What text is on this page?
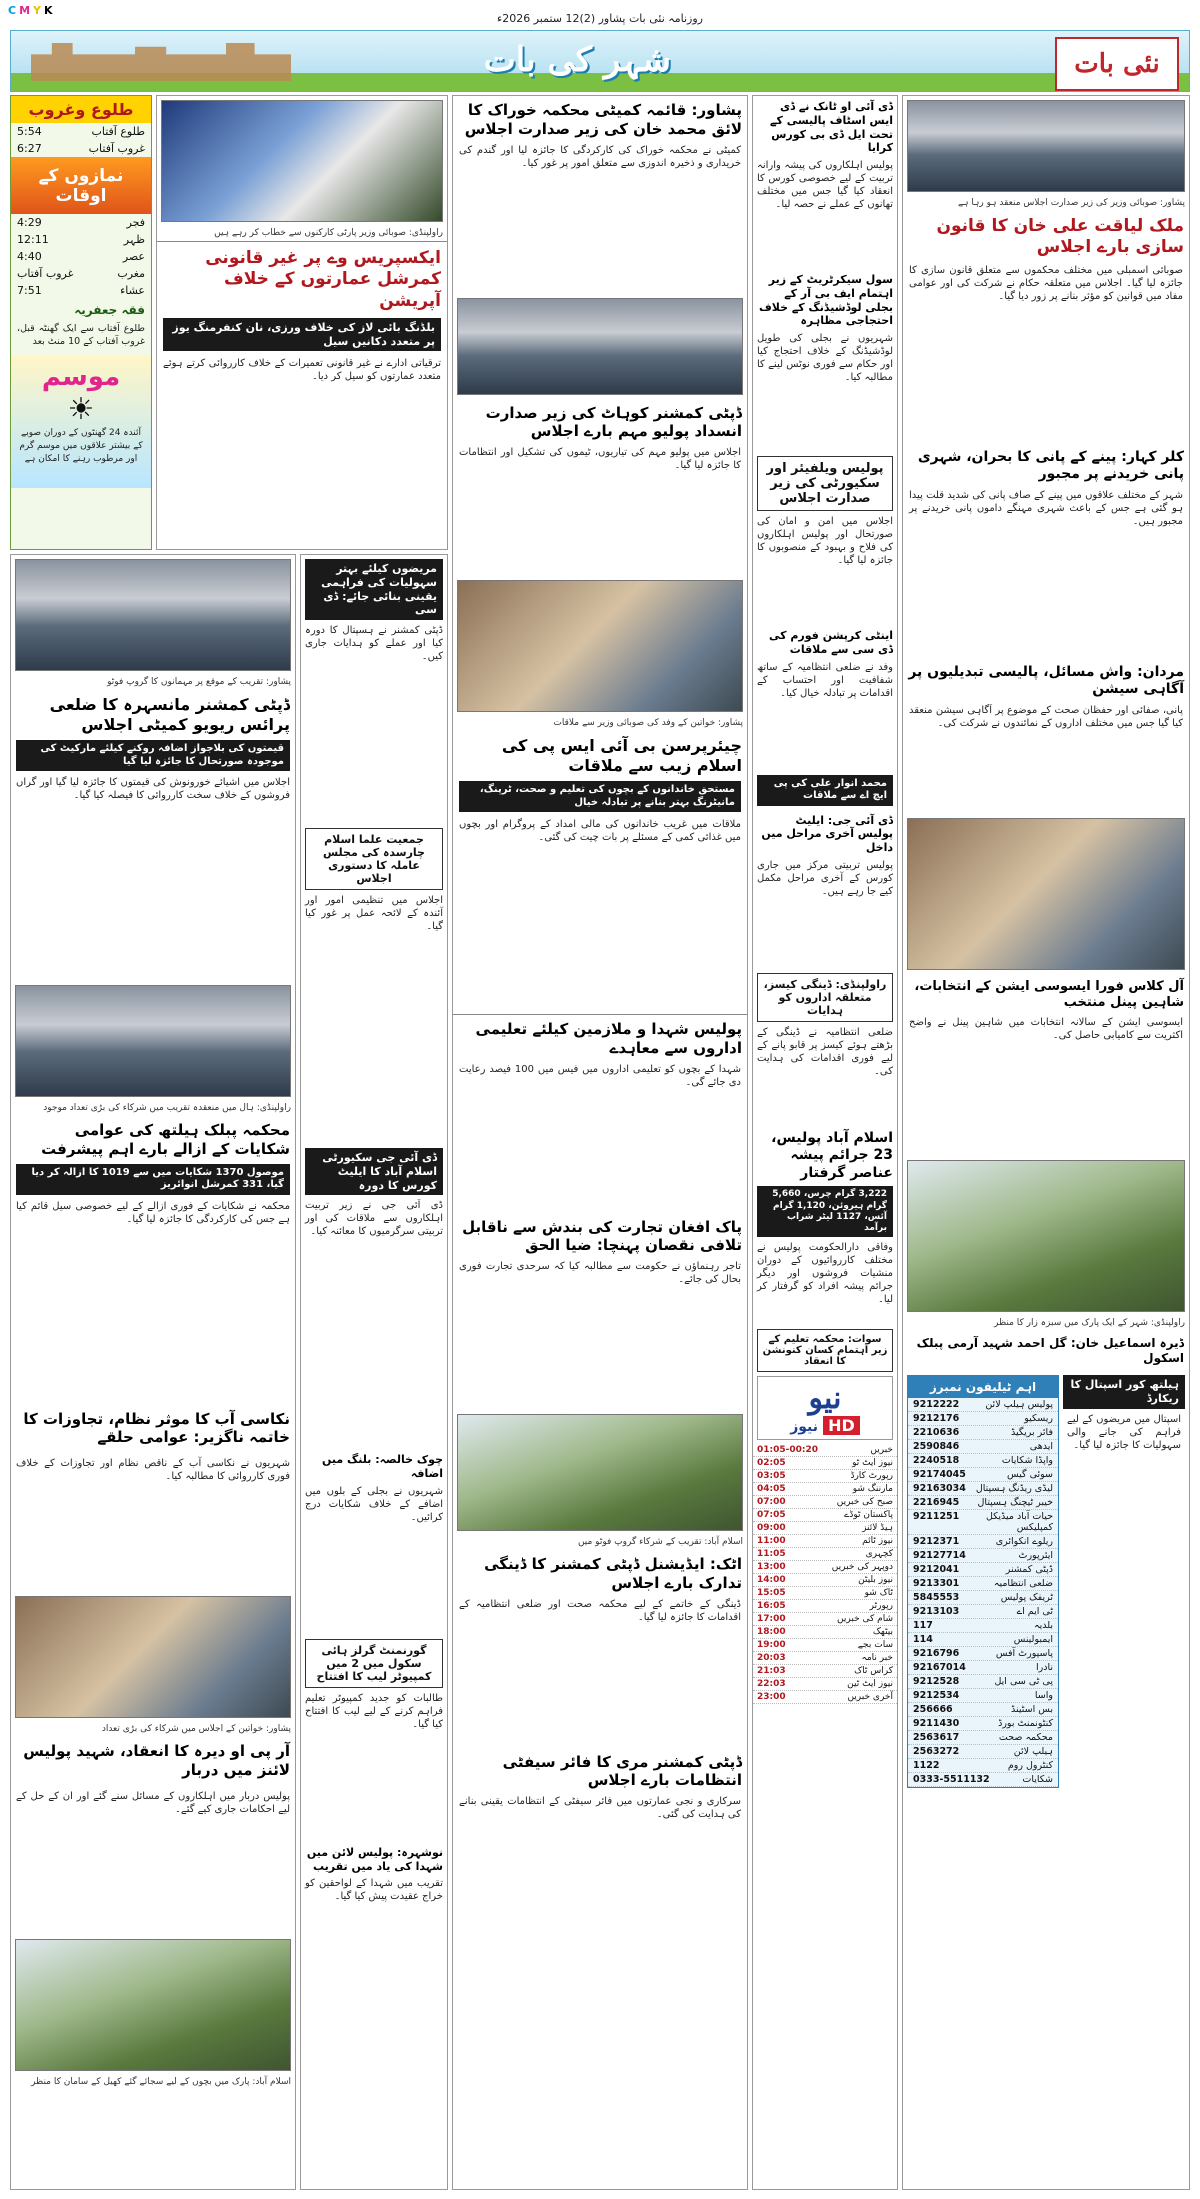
C M Y K
روزنامہ نئی بات پشاور (2)12 ستمبر 2026ء
شہر کی بات	نئی بات
طلوع وغروب
طلوع آفتاب
5:54
غروب آفتاب
6:27
نمازوں کے اوقات
فجر
4:29
ظہر
12:11
عصر
4:40
مغرب
غروب آفتاب
عشاء
7:51
فقہ جعفریہ
طلوع آفتاب سے ایک گھنٹہ قبل، غروب آفتاب کے 10 منٹ بعد
موسم
☀
آئندہ 24 گھنٹوں کے دوران صوبے کے بیشتر علاقوں میں موسم گرم اور مرطوب رہنے کا امکان ہے
راولپنڈی: صوبائی وزیر پارٹی کارکنوں سے خطاب کر رہے ہیں
ایکسپریس وے پر غیر قانونی کمرشل عمارتوں کے خلاف آپریشن
بلڈنگ بائی لاز کی خلاف ورزی، نان کنفرمنگ یوز پر متعدد دکانیں سیل
ترقیاتی ادارے نے غیر قانونی تعمیرات کے خلاف کارروائی کرتے ہوئے متعدد عمارتوں کو سیل کر دیا۔
پشاور: قائمہ کمیٹی محکمہ خوراک کا لائق محمد خان کی زیر صدارت اجلاس
کمیٹی نے محکمہ خوراک کی کارکردگی کا جائزہ لیا اور گندم کی خریداری و ذخیرہ اندوزی سے متعلق امور پر غور کیا۔
ڈپٹی کمشنر کوہاٹ کی زیر صدارت انسداد پولیو مہم بارے اجلاس
اجلاس میں پولیو مہم کی تیاریوں، ٹیموں کی تشکیل اور انتظامات کا جائزہ لیا گیا۔
پشاور: خواتین کے وفد کی صوبائی وزیر سے ملاقات
چیئرپرسن بی آئی ایس پی کی اسلام زیب سے ملاقات
مستحق خاندانوں کے بچوں کی تعلیم و صحت، ٹرپنگ، مانیٹرنگ بہتر بنانے پر تبادلہ خیال
ملاقات میں غریب خاندانوں کی مالی امداد کے پروگرام اور بچوں میں غذائی کمی کے مسئلے پر بات چیت کی گئی۔
پولیس شہدا و ملازمین کیلئے تعلیمی اداروں سے معاہدے
شہدا کے بچوں کو تعلیمی اداروں میں فیس میں 100 فیصد رعایت دی جائے گی۔
پاک افغان تجارت کی بندش سے ناقابل تلافی نقصان پہنچا: ضیا الحق
تاجر رہنماؤں نے حکومت سے مطالبہ کیا کہ سرحدی تجارت فوری بحال کی جائے۔
اسلام آباد: تقریب کے شرکاء گروپ فوٹو میں
اٹک: ایڈیشنل ڈپٹی کمشنر کا ڈینگی تدارک بارے اجلاس
ڈینگی کے خاتمے کے لیے محکمہ صحت اور ضلعی انتظامیہ کے اقدامات کا جائزہ لیا گیا۔
ڈپٹی کمشنر مری کا فائر سیفٹی انتظامات بارے اجلاس
سرکاری و نجی عمارتوں میں فائر سیفٹی کے انتظامات یقینی بنانے کی ہدایت کی گئی۔
ڈی آئی او ٹانک نے ڈی ایس اسٹاف پالیسی کے تحت ایل ڈی بی کورس کرایا
پولیس اہلکاروں کی پیشہ وارانہ تربیت کے لیے خصوصی کورس کا انعقاد کیا گیا جس میں مختلف تھانوں کے عملے نے حصہ لیا۔
سول سیکرٹریٹ کے زیر اہتمام ایف بی آر کے بجلی لوڈشیڈنگ کے خلاف احتجاجی مظاہرہ
شہریوں نے بجلی کی طویل لوڈشیڈنگ کے خلاف احتجاج کیا اور حکام سے فوری نوٹس لینے کا مطالبہ کیا۔
پولیس ویلفیئر اور سکیورٹی کی زیر صدارت اجلاس
اجلاس میں امن و امان کی صورتحال اور پولیس اہلکاروں کی فلاح و بہبود کے منصوبوں کا جائزہ لیا گیا۔
اینٹی کرپشن فورم کی ڈی سی سے ملاقات
وفد نے ضلعی انتظامیہ کے ساتھ شفافیت اور احتساب کے اقدامات پر تبادلہ خیال کیا۔
محمد انوار علی کی پی ایچ اے سے ملاقات
ڈی آئی جی: ایلیٹ پولیس آخری مراحل میں داخل
پولیس تربیتی مرکز میں جاری کورس کے آخری مراحل مکمل کیے جا رہے ہیں۔
راولپنڈی: ڈینگی کیسز، متعلقہ اداروں کو ہدایات
ضلعی انتظامیہ نے ڈینگی کے بڑھتے ہوئے کیسز پر قابو پانے کے لیے فوری اقدامات کی ہدایت کی۔
اسلام آباد پولیس، 23 جرائم پیشہ عناصر گرفتار
3,222 گرام چرس، 5,660 گرام ہیروئن، 1,120 گرام آئس، 1127 لیٹر شراب برآمد
وفاقی دارالحکومت پولیس نے مختلف کارروائیوں کے دوران منشیات فروشوں اور دیگر جرائم پیشہ افراد کو گرفتار کر لیا۔
سوات: محکمہ تعلیم کے زیر اہتمام کسان کنونشن کا انعقاد
نیو
نیوز HD
01:05-00:20	خبریں
02:05	نیوز ایٹ ٹو
03:05	رپورٹ کارڈ
04:05	مارننگ شو
07:00	صبح کی خبریں
07:05	پاکستان ٹوڈے
09:00	ہیڈ لائنز
11:00	نیوز ٹائم
11:05	کچہری
13:00	دوپہر کی خبریں
14:00	نیوز بلیٹن
15:05	ٹاک شو
16:05	رپورٹر
17:00	شام کی خبریں
18:00	بیٹھک
19:00	سات بجے
20:03	خبر نامہ
21:03	کراس ٹاک
22:03	نیوز ایٹ ٹین
23:00	آخری خبریں
پشاور: صوبائی وزیر کی زیر صدارت اجلاس منعقد ہو رہا ہے
ملک لیاقت علی خان کا قانون سازی بارے اجلاس
صوبائی اسمبلی میں مختلف محکموں سے متعلق قانون سازی کا جائزہ لیا گیا۔ اجلاس میں متعلقہ حکام نے شرکت کی اور عوامی مفاد میں قوانین کو مؤثر بنانے پر زور دیا گیا۔
کلر کہار: پینے کے پانی کا بحران، شہری پانی خریدنے پر مجبور
شہر کے مختلف علاقوں میں پینے کے صاف پانی کی شدید قلت پیدا ہو گئی ہے جس کے باعث شہری مہنگے داموں پانی خریدنے پر مجبور ہیں۔
مردان: واش مسائل، پالیسی تبدیلیوں پر آگاہی سیشن
پانی، صفائی اور حفظان صحت کے موضوع پر آگاہی سیشن منعقد کیا گیا جس میں مختلف اداروں کے نمائندوں نے شرکت کی۔
آل کلاس فورا ایسوسی ایشن کے انتخابات، شاہین پینل منتخب
ایسوسی ایشن کے سالانہ انتخابات میں شاہین پینل نے واضح اکثریت سے کامیابی حاصل کی۔
راولپنڈی: شہر کے ایک پارک میں سبزہ زار کا منظر
ڈیرہ اسماعیل خان: گل احمد شہید آرمی پبلک اسکول
اہم ٹیلیفون نمبرز
9212222	پولیس ہیلپ لائن
9212176	ریسکیو
2210636	فائر بریگیڈ
2590846	ایدھی
2240518	واپڈا شکایات
92174045	سوئی گیس
92163034 لیڈی ریڈنگ ہسپتال
2216945 خیبر ٹیچنگ ہسپتال
9211251	حیات آباد میڈیکل کمپلیکس
9212371	ریلوے انکوائری
92127714	ایئرپورٹ
9212041	ڈپٹی کمشنر
9213301	ضلعی انتظامیہ
5845553	ٹریفک پولیس
9213103	ٹی ایم اے
117	بلدیہ
114	ایمبولینس
9216796	پاسپورٹ آفس
92167014	نادرا
9212528	پی ٹی سی ایل
9212534	واسا
256666	بس اسٹینڈ
9211430	کنٹونمنٹ بورڈ
2563617	محکمہ صحت
2563272	ہیلپ لائن
1122	کنٹرول روم
0333-5511132	شکایات
ہیلتھ کور اسپتال کا ریکارڈ
اسپتال میں مریضوں کے لیے فراہم کی جانے والی سہولیات کا جائزہ لیا گیا۔
مریضوں کیلئے بہتر سہولیات کی فراہمی یقینی بنائی جائے: ڈی سی
ڈپٹی کمشنر نے ہسپتال کا دورہ کیا اور عملے کو ہدایات جاری کیں۔
جمعیت علما اسلام چارسدہ کی مجلس عاملہ کا دستوری اجلاس
اجلاس میں تنظیمی امور اور آئندہ کے لائحہ عمل پر غور کیا گیا۔
ڈی آئی جی سکیورٹی اسلام آباد کا ایلیٹ کورس کا دورہ
ڈی آئی جی نے زیر تربیت اہلکاروں سے ملاقات کی اور تربیتی سرگرمیوں کا معائنہ کیا۔
چوک خالصہ: بلنگ میں اضافہ
شہریوں نے بجلی کے بلوں میں اضافے کے خلاف شکایات درج کرائیں۔
گورنمنٹ گرلز ہائی سکول میں 2 میں کمپیوٹر لیب کا افتتاح
طالبات کو جدید کمپیوٹر تعلیم فراہم کرنے کے لیے لیب کا افتتاح کیا گیا۔
نوشہرہ: پولیس لائن میں شہدا کی یاد میں تقریب
تقریب میں شہدا کے لواحقین کو خراج عقیدت پیش کیا گیا۔
پشاور: تقریب کے موقع پر مہمانوں کا گروپ فوٹو
ڈپٹی کمشنر مانسہرہ کا ضلعی پرائس ریویو کمیٹی اجلاس
قیمتوں کی بلاجواز اضافہ روکنے کیلئے مارکیٹ کی موجودہ صورتحال کا جائزہ لیا گیا
اجلاس میں اشیائے خورونوش کی قیمتوں کا جائزہ لیا گیا اور گراں فروشوں کے خلاف سخت کارروائی کا فیصلہ کیا گیا۔
راولپنڈی: ہال میں منعقدہ تقریب میں شرکاء کی بڑی تعداد موجود
محکمہ پبلک ہیلتھ کی عوامی شکایات کے ازالے بارے اہم پیشرفت
موصول 1370 شکایات میں سے 1019 کا ازالہ کر دیا گیا، 331 کمرشل انوائریز
محکمہ نے شکایات کے فوری ازالے کے لیے خصوصی سیل قائم کیا ہے جس کی کارکردگی کا جائزہ لیا گیا۔
نکاسی آب کا موثر نظام، تجاوزات کا خاتمہ ناگزیر: عوامی حلقے
شہریوں نے نکاسی آب کے ناقص نظام اور تجاوزات کے خلاف فوری کارروائی کا مطالبہ کیا۔
پشاور: خواتین کے اجلاس میں شرکاء کی بڑی تعداد
آر پی او دیرہ کا انعقاد، شہید پولیس لائنز میں دربار
پولیس دربار میں اہلکاروں کے مسائل سنے گئے اور ان کے حل کے لیے احکامات جاری کیے گئے۔
اسلام آباد: پارک میں بچوں کے لیے سجائے گئے کھیل کے سامان کا منظر
